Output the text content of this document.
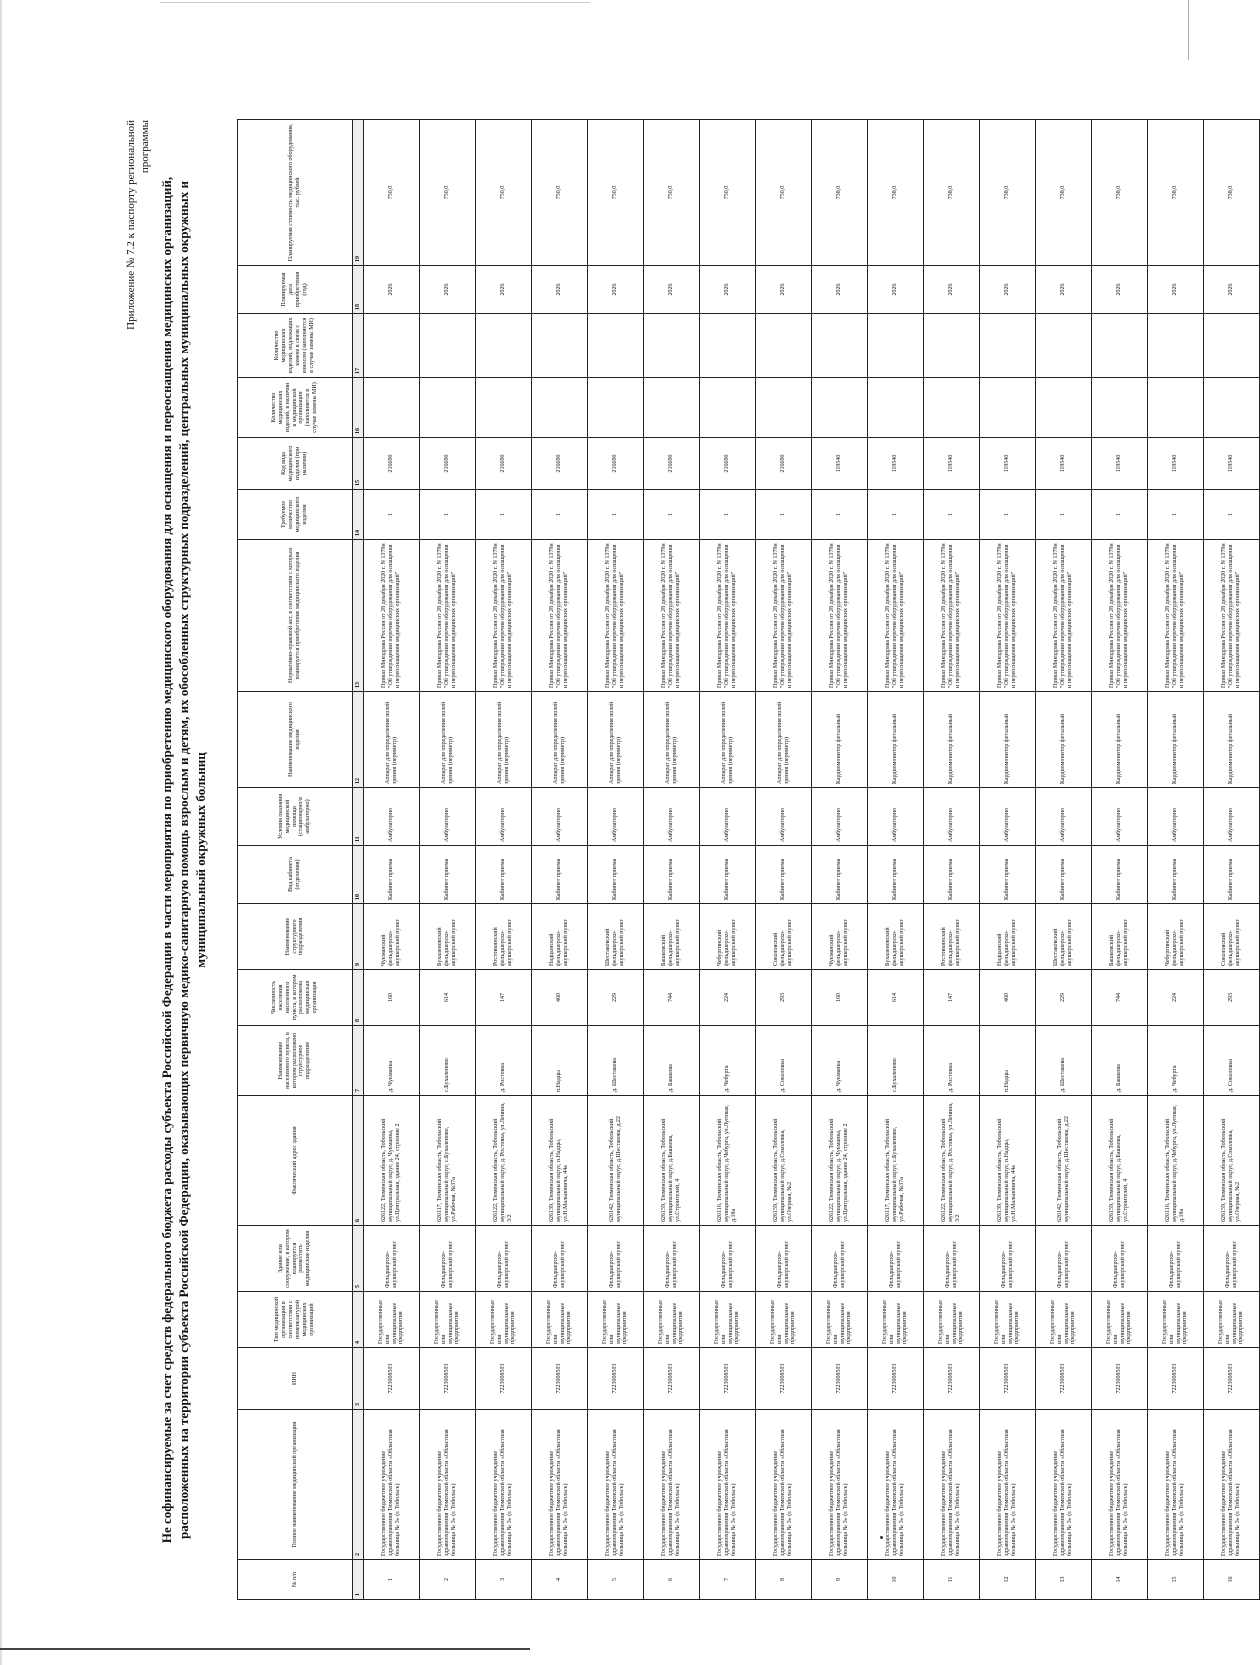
Приложение № 7.2 к паспорту региональной программы
Не софинансируемые за счет средств федерального бюджета расходы субъекта Российской Федерации в части мероприятия по приобретению медицинского оборудования для оснащения и переоснащения медицинских организаций, расположенных на территории субъекта Российской Федерации, оказывающих первичную медико-санитарную помощь взрослым и детям, их обособленных структурных подразделений, центральных муниципальных окружных и муниципальный окружных больниц
№ п/п	Полное наименование медицинской организации	ИНН	Тип медицинской организации в соответствии с номенклатурой медицинских организаций	Здание или сооружение, в котором планируется разместить медицинские изделия	Фактический адрес здания	Наименование населенного пункта, в котором расположено структурное подразделение	Численность населения населенного пункта, в котором расположена медицинская организация	Наименование структурного подразделения	Вид кабинета (отделения)	Условия оказания медицинской помощи (стационарно/в амбулаторно)	Наименование медицинского изделия	Нормативно-правовой акт, в соответствии с которым планируется приобретение медицинского изделия	Требуемое количество медицинского изделия	Код вида медицинского изделия (при наличии)	Количество медицинских изделий, в наличии в медицинской организации (заполняется в случае замены МИ)	Количество медицинских изделий, подлежащих замене в связи с износом (заполняется в случае замены МИ)	Планируемая дата приобретения (год)	Планируемая стоимость медицинского оборудования, тыс. рублей
1	2	3	4	5	6	7	8	9	10	11	12	13	14	15	16	17	18	19
1	Государственное бюджетное учреждение здравоохранения Тюменской области «Областная больница № 3» (г. Тобольск)	7223008503	Государственные или муниципальные предприятия	Фельдшерско-акушерский пункт	626122, Тюменская область, Тобольский муниципальный округ, д. Чукманка, ул.Центральная, здание 24, строение 2	д. Чукманка	160	Чукманский фельдшерско-акушерский пункт	Кабинет приема	Амбулаторно	Аппарат для определения полей зрения (периметр)	Приказ Минздрава России от 28 декабря 2020 г. N 1379н "Об утверждении перечня оборудования для оснащения и переоснащения медицинских организаций"	1	216690			2026	750,0
2	Государственное бюджетное учреждение здравоохранения Тюменской области «Областная больница № 3» (г. Тобольск)	7223008503	Государственные или муниципальные предприятия	Фельдшерско-акушерский пункт	626117, Тюменская область, Тобольский муниципальный округ, с.Бухаленово, ул.Рабочая, №37а	с.Бухаленово	614	Бухаленовский фельдшерско-акушерский пункт	Кабинет приема	Амбулаторно	Аппарат для определения полей зрения (периметр)	Приказ Минздрава России от 28 декабря 2020 г. N 1379н "Об утверждении перечня оборудования для оснащения и переоснащения медицинских организаций"	1	216690			2026	750,0
3	Государственное бюджетное учреждение здравоохранения Тюменской области «Областная больница № 3» (г. Тобольск)	7223008503	Государственные или муниципальные предприятия	Фельдшерско-акушерский пункт	626122, Тюменская область, Тобольский муниципальный округ, д. Ростовка, ул.Ленина, 3/2	д. Ростовка	147	Ростовкинский фельдшерско-акушерский пункт	Кабинет приема	Амбулаторно	Аппарат для определения полей зрения (периметр)	Приказ Минздрава России от 28 декабря 2020 г. N 1379н "Об утверждении перечня оборудования для оснащения и переоснащения медицинских организаций"	1	216690			2026	750,0
4	Государственное бюджетное учреждение здравоохранения Тюменской области «Областная больница № 3» (г. Тобольск)	7223008503	Государственные или муниципальные предприятия	Фельдшерско-акушерский пункт	626139, Тюменская область, Тобольский муниципальный округ, п.Надцы, ул.Н.Мальнонича, 44а	п.Надцы	460	Надцынский фельдшерско-акушерский пункт	Кабинет приема	Амбулаторно	Аппарат для определения полей зрения (периметр)	Приказ Минздрава России от 28 декабря 2020 г. N 1379н "Об утверждении перечня оборудования для оснащения и переоснащения медицинских организаций"	1	216690			2026	750,0
5	Государственное бюджетное учреждение здравоохранения Тюменской области «Областная больница № 3» (г. Тобольск)	7223008503	Государственные или муниципальные предприятия	Фельдшерско-акушерский пункт	626142, Тюменская область, Тобольский муниципальный округ, д.Шестакова, д.22	д. Шестакова	229	Шестаковский фельдшерско-акушерский пункт	Кабинет приема	Амбулаторно	Аппарат для определения полей зрения (периметр)	Приказ Минздрава России от 28 декабря 2020 г. N 1379н "Об утверждении перечня оборудования для оснащения и переоснащения медицинских организаций"	1	216690			2026	750,0
6	Государственное бюджетное учреждение здравоохранения Тюменской области «Областная больница № 3» (г. Тобольск)	7223008503	Государственные или муниципальные предприятия	Фельдшерско-акушерский пункт	626159, Тюменская область, Тобольский муниципальный округ, д.Башкова, ул.Строителей, 4	д. Башкова	744	Башковский фельдшерско-акушерский пункт	Кабинет приема	Амбулаторно	Аппарат для определения полей зрения (периметр)	Приказ Минздрава России от 28 декабря 2020 г. N 1379н "Об утверждении перечня оборудования для оснащения и переоснащения медицинских организаций"	1	216690			2026	750,0
7	Государственное бюджетное учреждение здравоохранения Тюменской области «Областная больница № 3» (г. Тобольск)	7223008503	Государственные или муниципальные предприятия	Фельдшерско-акушерский пункт	626116, Тюменская область, Тобольский муниципальный округ, д.Чебурга, ул.Луговая, д.18а	д. Чебурга	224	Чебургинский фельдшерско-акушерский пункт	Кабинет приема	Амбулаторно	Аппарат для определения полей зрения (периметр)	Приказ Минздрава России от 28 декабря 2020 г. N 1379н "Об утверждении перечня оборудования для оснащения и переоснащения медицинских организаций"	1	216690			2026	750,0
8	Государственное бюджетное учреждение здравоохранения Тюменской области «Областная больница № 3» (г. Тобольск)	7223008503	Государственные или муниципальные предприятия	Фельдшерско-акушерский пункт	626159, Тюменская область, Тобольский муниципальный округ, д.Соколовка, ул.Озерная, №2	д. Соколовка	293	Соколовский фельдшерско-акушерский пункт	Кабинет приема	Амбулаторно	Аппарат для определения полей зрения (периметр)	Приказ Минздрава России от 28 декабря 2020 г. N 1379н "Об утверждении перечня оборудования для оснащения и переоснащения медицинских организаций"	1	216690			2026	750,0
9	Государственное бюджетное учреждение здравоохранения Тюменской области «Областная больница № 3» (г. Тобольск)	7223008503	Государственные или муниципальные предприятия	Фельдшерско-акушерский пункт	626122, Тюменская область, Тобольский муниципальный округ, д. Чукманка, ул.Центральная, здание 24, строение 2	д. Чукманка	160	Чукманский фельдшерско-акушерский пункт	Кабинет приема	Амбулаторно	Кардиомонитор фетальный	Приказ Минздрава России от 28 декабря 2020 г. N 1379н "Об утверждении перечня оборудования для оснащения и переоснащения медицинских организаций"	1	119540			2026	738,0
10	Государственное бюджетное учреждение здравоохранения Тюменской области «Областная больница № 3» (г. Тобольск)	7223008503	Государственные или муниципальные предприятия	Фельдшерско-акушерский пункт	626117, Тюменская область, Тобольский муниципальный округ, с.Бухаленово, ул.Рабочая, №37а	с.Бухаленово	614	Бухаленовский фельдшерско-акушерский пункт	Кабинет приема	Амбулаторно	Кардиомонитор фетальный	Приказ Минздрава России от 28 декабря 2020 г. N 1379н "Об утверждении перечня оборудования для оснащения и переоснащения медицинских организаций"	1	119540			2026	738,0
11	Государственное бюджетное учреждение здравоохранения Тюменской области «Областная больница № 3» (г. Тобольск)	7223008503	Государственные или муниципальные предприятия	Фельдшерско-акушерский пункт	626122, Тюменская область, Тобольский муниципальный округ, д. Ростовка, ул.Ленина, 3/2	д. Ростовка	147	Ростовкинский фельдшерско-акушерский пункт	Кабинет приема	Амбулаторно	Кардиомонитор фетальный	Приказ Минздрава России от 28 декабря 2020 г. N 1379н "Об утверждении перечня оборудования для оснащения и переоснащения медицинских организаций"	1	119540			2026	738,0
12	Государственное бюджетное учреждение здравоохранения Тюменской области «Областная больница № 3» (г. Тобольск)	7223008503	Государственные или муниципальные предприятия	Фельдшерско-акушерский пункт	626139, Тюменская область, Тобольский муниципальный округ, п.Надцы, ул.Н.Мальнонича, 44а	п.Надцы	460	Надцынский фельдшерско-акушерский пункт	Кабинет приема	Амбулаторно	Кардиомонитор фетальный	Приказ Минздрава России от 28 декабря 2020 г. N 1379н "Об утверждении перечня оборудования для оснащения и переоснащения медицинских организаций"	1	119540			2026	738,0
13	Государственное бюджетное учреждение здравоохранения Тюменской области «Областная больница № 3» (г. Тобольск)	7223008503	Государственные или муниципальные предприятия	Фельдшерско-акушерский пункт	626142, Тюменская область, Тобольский муниципальный округ, д.Шестакова, д.22	д. Шестакова	229	Шестаковский фельдшерско-акушерский пункт	Кабинет приема	Амбулаторно	Кардиомонитор фетальный	Приказ Минздрава России от 28 декабря 2020 г. N 1379н "Об утверждении перечня оборудования для оснащения и переоснащения медицинских организаций"	1	119540			2026	738,0
14	Государственное бюджетное учреждение здравоохранения Тюменской области «Областная больница № 3» (г. Тобольск)	7223008503	Государственные или муниципальные предприятия	Фельдшерско-акушерский пункт	626159, Тюменская область, Тобольский муниципальный округ, д.Башкова, ул.Строителей, 4	д. Башкова	744	Башковский фельдшерско-акушерский пункт	Кабинет приема	Амбулаторно	Кардиомонитор фетальный	Приказ Минздрава России от 28 декабря 2020 г. N 1379н "Об утверждении перечня оборудования для оснащения и переоснащения медицинских организаций"	1	119540			2026	738,0
15	Государственное бюджетное учреждение здравоохранения Тюменской области «Областная больница № 3» (г. Тобольск)	7223008503	Государственные или муниципальные предприятия	Фельдшерско-акушерский пункт	626116, Тюменская область, Тобольский муниципальный округ, д.Чебурга, ул.Луговая, д.18а	д. Чебурга	224	Чебургинский фельдшерско-акушерский пункт	Кабинет приема	Амбулаторно	Кардиомонитор фетальный	Приказ Минздрава России от 28 декабря 2020 г. N 1379н "Об утверждении перечня оборудования для оснащения и переоснащения медицинских организаций"	1	119540			2026	738,0
16	Государственное бюджетное учреждение здравоохранения Тюменской области «Областная больница № 3» (г. Тобольск)	7223008503	Государственные или муниципальные предприятия	Фельдшерско-акушерский пункт	626159, Тюменская область, Тобольский муниципальный округ, д.Соколовка, ул.Озерная, №2	д. Соколовка	293	Соколовский фельдшерско-акушерский пункт	Кабинет приема	Амбулаторно	Кардиомонитор фетальный	Приказ Минздрава России от 28 декабря 2020 г. N 1379н "Об утверждении перечня оборудования для оснащения и переоснащения медицинских организаций"	1	119540			2026	738,0
